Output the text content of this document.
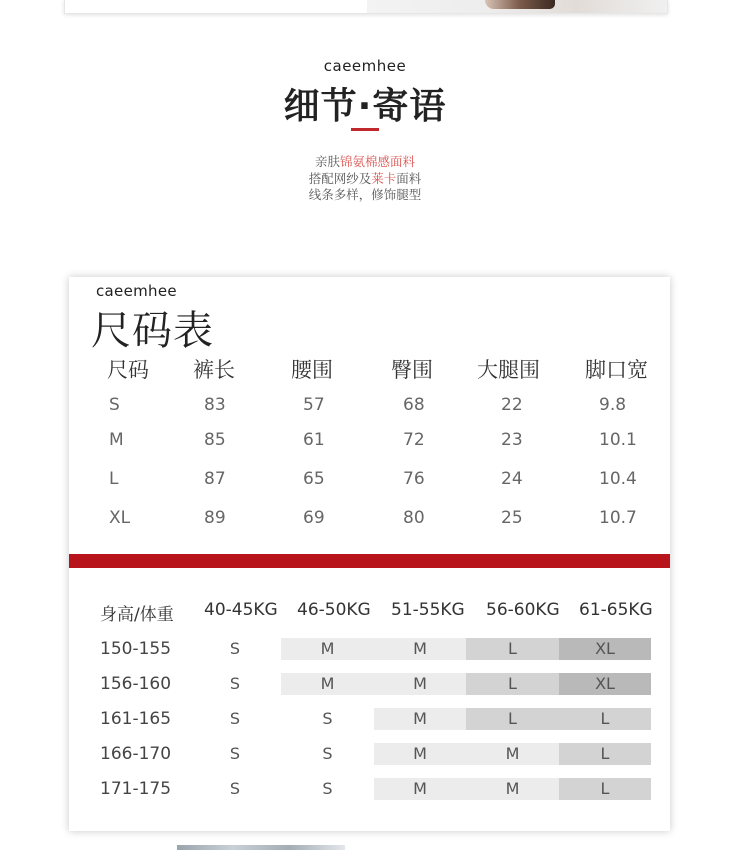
caeemhee
细节·寄语
亲肤锦氨棉感面料
搭配网纱及莱卡面料
线条多样，修饰腿型
caeemhee
尺码表
尺码 裤长	腰围	臀围 大腿围 脚口宽
S	83	57	68	22	9.8
M	85	61	72	23	10.1
L	87	65	76	24	10.4
XL	89	69	80	25	10.7
身高/体重 40-45KG 46-50KG 51-55KG 56-60KG 61-65KG
150-155	S	M	M	L	XL
156-160	S	M	M	L	XL
161-165	S	S	M	L	L
166-170	S	S	M	M	L
171-175	S	S	M	M	L
